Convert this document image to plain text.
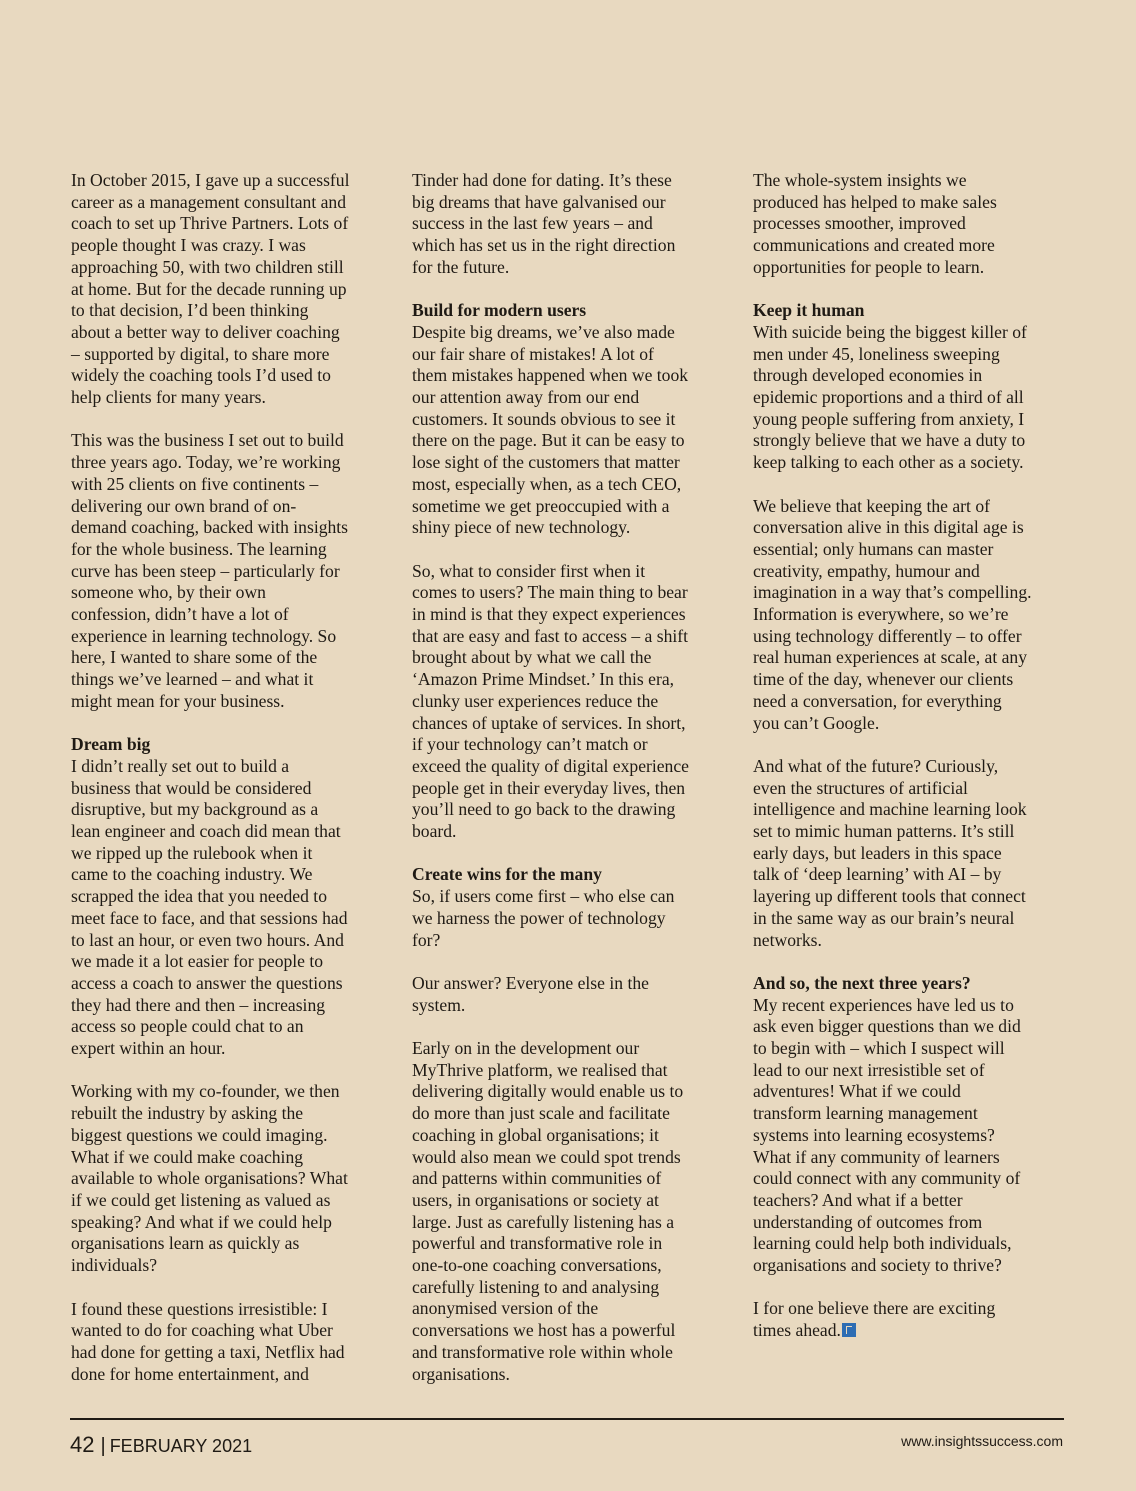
In October 2015, I gave up a successful
career as a management consultant and
coach to set up Thrive Partners. Lots of
people thought I was crazy. I was
approaching 50, with two children still
at home. But for the decade running up
to that decision, I’d been thinking
about a better way to deliver coaching
– supported by digital, to share more
widely the coaching tools I’d used to
help clients for many years.

This was the business I set out to build
three years ago. Today, we’re working
with 25 clients on five continents –
delivering our own brand of on-
demand coaching, backed with insights
for the whole business. The learning
curve has been steep – particularly for
someone who, by their own
confession, didn’t have a lot of
experience in learning technology. So
here, I wanted to share some of the
things we’ve learned – and what it
might mean for your business.

Dream big

I didn’t really set out to build a
business that would be considered
disruptive, but my background as a
lean engineer and coach did mean that
we ripped up the rulebook when it
came to the coaching industry. We
scrapped the idea that you needed to
meet face to face, and that sessions had
to last an hour, or even two hours. And
we made it a lot easier for people to
access a coach to answer the questions
they had there and then – increasing
access so people could chat to an
expert within an hour.

Working with my co-founder, we then
rebuilt the industry by asking the
biggest questions we could imaging.
What if we could make coaching
available to whole organisations? What
if we could get listening as valued as
speaking? And what if we could help
organisations learn as quickly as
individuals?

I found these questions irresistible: I
wanted to do for coaching what Uber
had done for getting a taxi, Netflix had
done for home entertainment, and

Tinder had done for dating. It’s these
big dreams that have galvanised our
success in the last few years – and
which has set us in the right direction
for the future.

Build for modern users

Despite big dreams, we’ve also made
our fair share of mistakes! A lot of
them mistakes happened when we took
our attention away from our end
customers. It sounds obvious to see it
there on the page. But it can be easy to
lose sight of the customers that matter
most, especially when, as a tech CEO,
sometime we get preoccupied with a
shiny piece of new technology.

So, what to consider first when it
comes to users? The main thing to bear
in mind is that they expect experiences
that are easy and fast to access – a shift
brought about by what we call the
‘Amazon Prime Mindset.’ In this era,
clunky user experiences reduce the
chances of uptake of services. In short,
if your technology can’t match or
exceed the quality of digital experience
people get in their everyday lives, then
you’ll need to go back to the drawing
board.

Create wins for the many

So, if users come first – who else can
we harness the power of technology
for?

Our answer? Everyone else in the
system.

Early on in the development our
MyThrive platform, we realised that
delivering digitally would enable us to
do more than just scale and facilitate
coaching in global organisations; it
would also mean we could spot trends
and patterns within communities of
users, in organisations or society at
large. Just as carefully listening has a
powerful and transformative role in
one-to-one coaching conversations,
carefully listening to and analysing
anonymised version of the
conversations we host has a powerful
and transformative role within whole
organisations.

The whole-system insights we
produced has helped to make sales
processes smoother, improved
communications and created more
opportunities for people to learn.

Keep it human

With suicide being the biggest killer of
men under 45, loneliness sweeping
through developed economies in
epidemic proportions and a third of all
young people suffering from anxiety, I
strongly believe that we have a duty to
keep talking to each other as a society.

We believe that keeping the art of
conversation alive in this digital age is
essential; only humans can master
creativity, empathy, humour and
imagination in a way that’s compelling.
Information is everywhere, so we’re
using technology differently – to offer
real human experiences at scale, at any
time of the day, whenever our clients
need a conversation, for everything
you can’t Google.

And what of the future? Curiously,
even the structures of artificial
intelligence and machine learning look
set to mimic human patterns. It’s still
early days, but leaders in this space
talk of ‘deep learning’ with AI – by
layering up different tools that connect
in the same way as our brain’s neural
networks.

And so, the next three years?

My recent experiences have led us to
ask even bigger questions than we did
to begin with – which I suspect will
lead to our next irresistible set of
adventures! What if we could
transform learning management
systems into learning ecosystems?
What if any community of learners
could connect with any community of
teachers? And what if a better
understanding of outcomes from
learning could help both individuals,
organisations and society to thrive?

I for one believe there are exciting
times ahead.

42 | FEBRUARY 2021	www.insightssuccess.com
